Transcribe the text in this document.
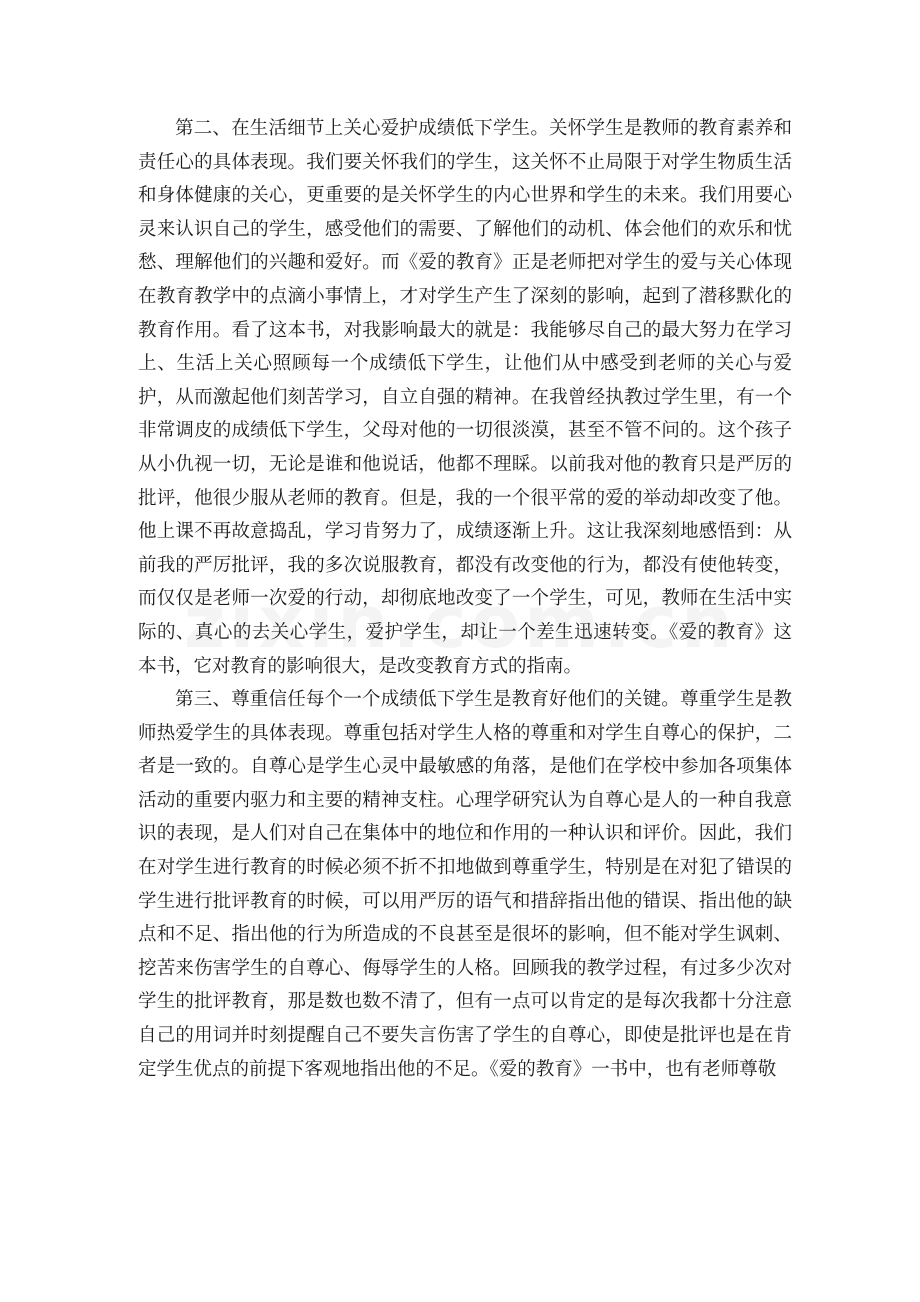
第二、在生活细节上关心爱护成绩低下学生。关怀学生是教师的教育素养和责任心的具体表现。我们要关怀我们的学生，这关怀不止局限于对学生物质生活和身体健康的关心，更重要的是关怀学生的内心世界和学生的未来。我们用要心灵来认识自己的学生，感受他们的需要、了解他们的动机、体会他们的欢乐和忧愁、理解他们的兴趣和爱好。而《爱的教育》正是老师把对学生的爱与关心体现在教育教学中的点滴小事情上，才对学生产生了深刻的影响，起到了潜移默化的教育作用。看了这本书，对我影响最大的就是：我能够尽自己的最大努力在学习上、生活上关心照顾每一个成绩低下学生，让他们从中感受到老师的关心与爱护，从而激起他们刻苦学习，自立自强的精神。在我曾经执教过学生里，有一个非常调皮的成绩低下学生，父母对他的一切很淡漠，甚至不管不问的。这个孩子从小仇视一切，无论是谁和他说话，他都不理睬。以前我对他的教育只是严厉的批评，他很少服从老师的教育。但是，我的一个很平常的爱的举动却改变了他。他上课不再故意捣乱，学习肯努力了，成绩逐渐上升。这让我深刻地感悟到：从前我的严厉批评，我的多次说服教育，都没有改变他的行为，都没有使他转变，而仅仅是老师一次爱的行动，却彻底地改变了一个学生，可见，教师在生活中实际的、真心的去关心学生，爱护学生，却让一个差生迅速转变。《爱的教育》这本书，它对教育的影响很大，是改变教育方式的指南。

第三、尊重信任每个一个成绩低下学生是教育好他们的关键。尊重学生是教师热爱学生的具体表现。尊重包括对学生人格的尊重和对学生自尊心的保护，二者是一致的。自尊心是学生心灵中最敏感的角落，是他们在学校中参加各项集体活动的重要内驱力和主要的精神支柱。心理学研究认为自尊心是人的一种自我意识的表现，是人们对自己在集体中的地位和作用的一种认识和评价。因此，我们在对学生进行教育的时候必须不折不扣地做到尊重学生，特别是在对犯了错误的学生进行批评教育的时候，可以用严厉的语气和措辞指出他的错误、指出他的缺点和不足、指出他的行为所造成的不良甚至是很坏的影响，但不能对学生讽刺、挖苦来伤害学生的自尊心、侮辱学生的人格。回顾我的教学过程，有过多少次对学生的批评教育，那是数也数不清了，但有一点可以肯定的是每次我都十分注意自己的用词并时刻提醒自己不要失言伤害了学生的自尊心，即使是批评也是在肯定学生优点的前提下客观地指出他的不足。《爱的教育》一书中，也有老师尊敬
